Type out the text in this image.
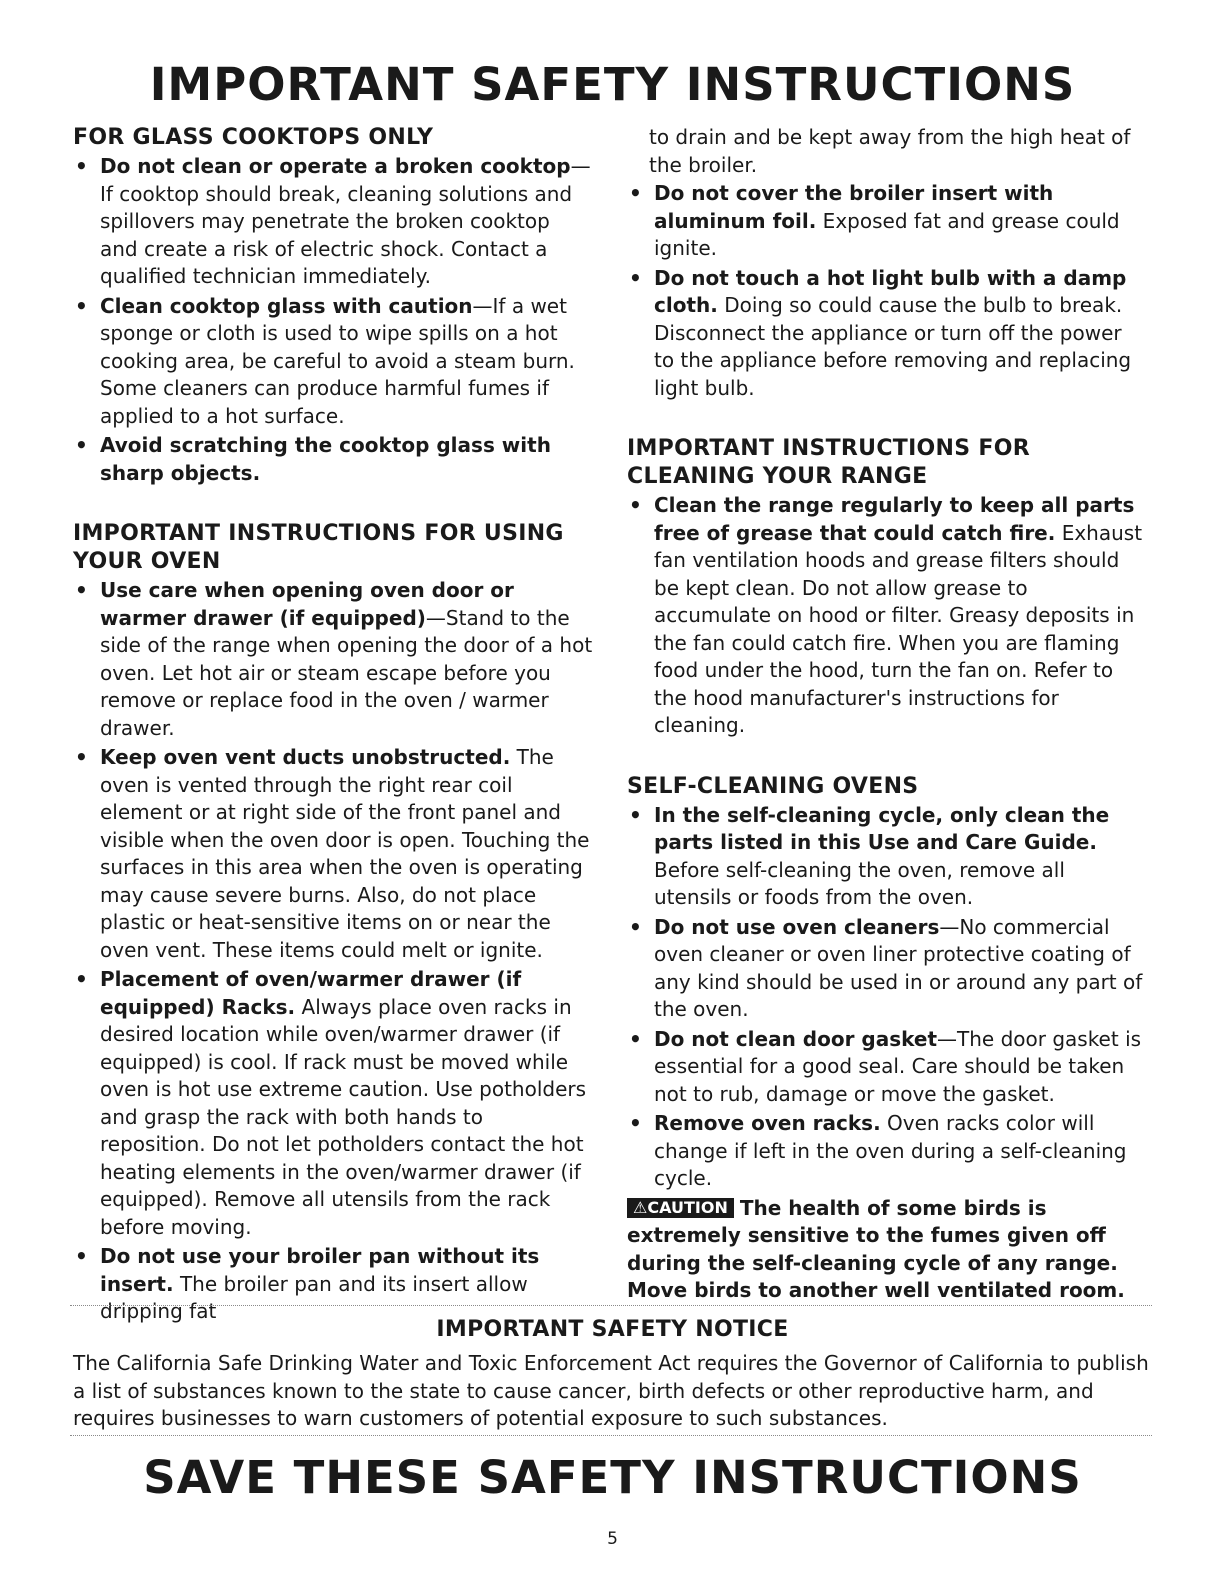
IMPORTANT SAFETY INSTRUCTIONS
FOR GLASS COOKTOPS ONLY
• Do not clean or operate a broken cooktop—If cooktop should break, cleaning solutions and spillovers may penetrate the broken cooktop and create a risk of electric shock. Contact a qualified technician immediately.
• Clean cooktop glass with caution—If a wet sponge or cloth is used to wipe spills on a hot cooking area, be careful to avoid a steam burn. Some cleaners can produce harmful fumes if applied to a hot surface.
• Avoid scratching the cooktop glass with sharp objects.
IMPORTANT INSTRUCTIONS FOR USING YOUR OVEN
• Use care when opening oven door or warmer drawer (if equipped)—Stand to the side of the range when opening the door of a hot oven. Let hot air or steam escape before you remove or replace food in the oven / warmer drawer.
• Keep oven vent ducts unobstructed. The oven is vented through the right rear coil element or at right side of the front panel and visible when the oven door is open. Touching the surfaces in this area when the oven is operating may cause severe burns. Also, do not place plastic or heat-sensitive items on or near the oven vent. These items could melt or ignite.
• Placement of oven/warmer drawer (if equipped) Racks. Always place oven racks in desired location while oven/warmer drawer (if equipped) is cool. If rack must be moved while oven is hot use extreme caution. Use potholders and grasp the rack with both hands to reposition. Do not let potholders contact the hot heating elements in the oven/warmer drawer (if equipped). Remove all utensils from the rack before moving.
• Do not use your broiler pan without its insert. The broiler pan and its insert allow dripping fat
to drain and be kept away from the high heat of the broiler.
• Do not cover the broiler insert with aluminum foil. Exposed fat and grease could ignite.
• Do not touch a hot light bulb with a damp cloth. Doing so could cause the bulb to break. Disconnect the appliance or turn off the power to the appliance before removing and replacing light bulb.
IMPORTANT INSTRUCTIONS FOR CLEANING YOUR RANGE
• Clean the range regularly to keep all parts free of grease that could catch fire. Exhaust fan ventilation hoods and grease filters should be kept clean. Do not allow grease to accumulate on hood or filter. Greasy deposits in the fan could catch fire. When you are flaming food under the hood, turn the fan on. Refer to the hood manufacturer's instructions for cleaning.
SELF-CLEANING OVENS
• In the self-cleaning cycle, only clean the parts listed in this Use and Care Guide. Before self-cleaning the oven, remove all utensils or foods from the oven.
• Do not use oven cleaners—No commercial oven cleaner or oven liner protective coating of any kind should be used in or around any part of the oven.
• Do not clean door gasket—The door gasket is essential for a good seal. Care should be taken not to rub, damage or move the gasket.
• Remove oven racks. Oven racks color will change if left in the oven during a self-cleaning cycle.
⚠CAUTION The health of some birds is extremely sensitive to the fumes given off during the self-cleaning cycle of any range. Move birds to another well ventilated room.
IMPORTANT SAFETY NOTICE

The California Safe Drinking Water and Toxic Enforcement Act requires the Governor of California to publish a list of substances known to the state to cause cancer, birth defects or other reproductive harm, and requires businesses to warn customers of potential exposure to such substances.

SAVE THESE SAFETY INSTRUCTIONS
5
